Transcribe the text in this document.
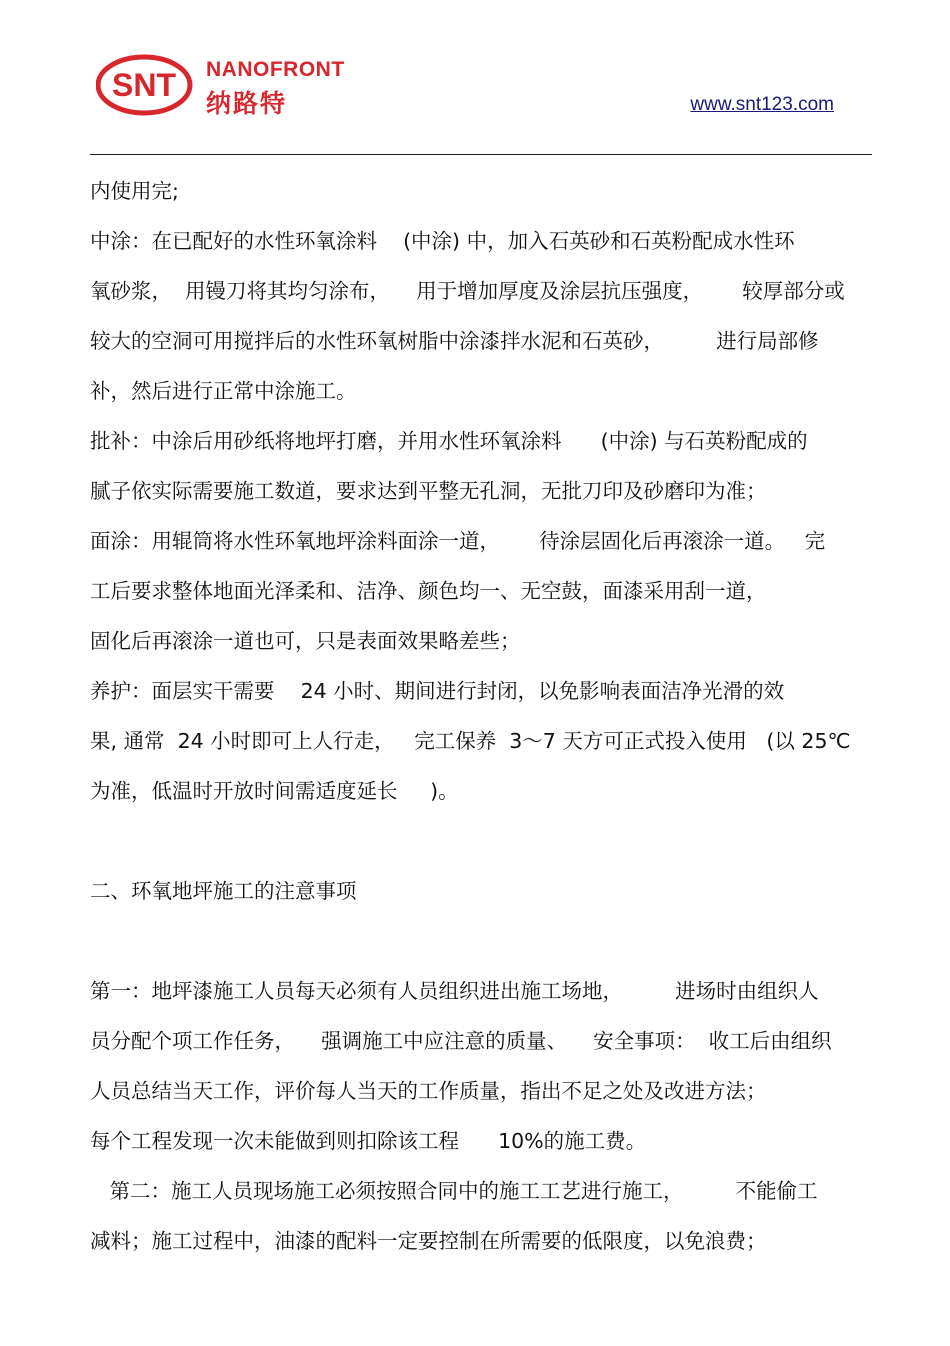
SNT NANOFRONT
纳路特	www.snt123.com
内使用完;
中涂：在已配好的水性环氧涂料    (中涂) 中，加入石英砂和石英粉配成水性环
氧砂浆，  用镘刀将其均匀涂布，    用于增加厚度及涂层抗压强度，      较厚部分或
较大的空洞可用搅拌后的水性环氧树脂中涂漆拌水泥和石英砂，        进行局部修
补，然后进行正常中涂施工。
批补：中涂后用砂纸将地坪打磨，并用水性环氧涂料      (中涂) 与石英粉配成的
腻子依实际需要施工数道，要求达到平整无孔洞，无批刀印及砂磨印为准；
面涂：用辊筒将水性环氧地坪涂料面涂一道，      待涂层固化后再滚涂一道。   完
工后要求整体地面光泽柔和、洁净、颜色均一、无空鼓，面漆采用刮一道，
固化后再滚涂一道也可，只是表面效果略差些；
养护：面层实干需要    24 小时、期间进行封闭，以免影响表面洁净光滑的效
果, 通常  24 小时即可上人行走，   完工保养  3～7 天方可正式投入使用   (以 25℃
为准，低温时开放时间需适度延长     )。
二、环氧地坪施工的注意事项
第一：地坪漆施工人员每天必须有人员组织进出施工场地，        进场时由组织人
员分配个项工作任务，    强调施工中应注意的质量、    安全事项：  收工后由组织
人员总结当天工作，评价每人当天的工作质量，指出不足之处及改进方法；
每个工程发现一次未能做到则扣除该工程      10%的施工费。
第二：施工人员现场施工必须按照合同中的施工工艺进行施工，        不能偷工
减料；施工过程中，油漆的配料一定要控制在所需要的低限度，以免浪费；
